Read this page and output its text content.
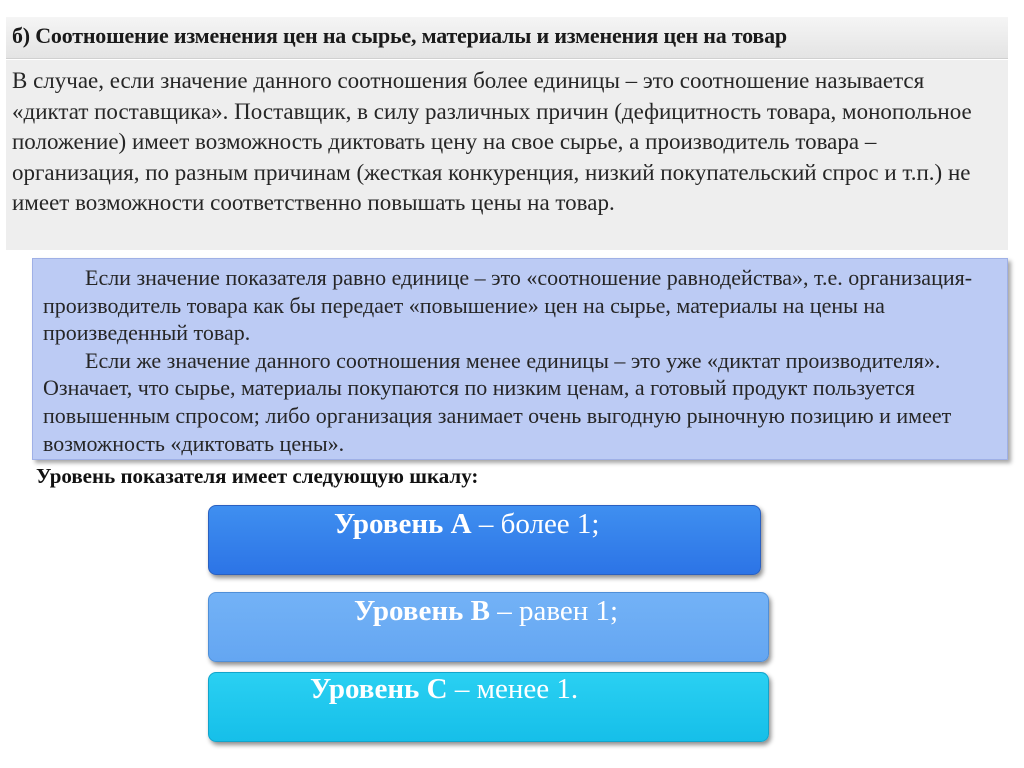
б) Соотношение изменения цен на сырье, материалы и изменения цен на товар

В случае, если значение данного соотношения более единицы – это соотношение называется «диктат поставщика». Поставщик, в силу различных причин (дефицитность товара, монопольное положение) имеет возможность диктовать цену на свое сырье, а производитель товара – организация, по разным причинам (жесткая конкуренция, низкий покупательский спрос и т.п.) не имеет возможности соответственно повышать цены на товар.

Если значение показателя равно единице – это «соотношение равнодейства», т.е. организация-производитель товара как бы передает «повышение» цен на сырье, материалы на цены на произведенный товар.

Если же значение данного соотношения менее единицы – это уже «диктат производителя». Означает, что сырье, материалы покупаются по низким ценам, а готовый продукт пользуется повышенным спросом; либо организация занимает очень выгодную рыночную позицию и имеет возможность «диктовать цены».

Уровень показателя имеет следующую шкалу:

Уровень А – более 1;
Уровень В – равен 1;
Уровень С – менее 1.
